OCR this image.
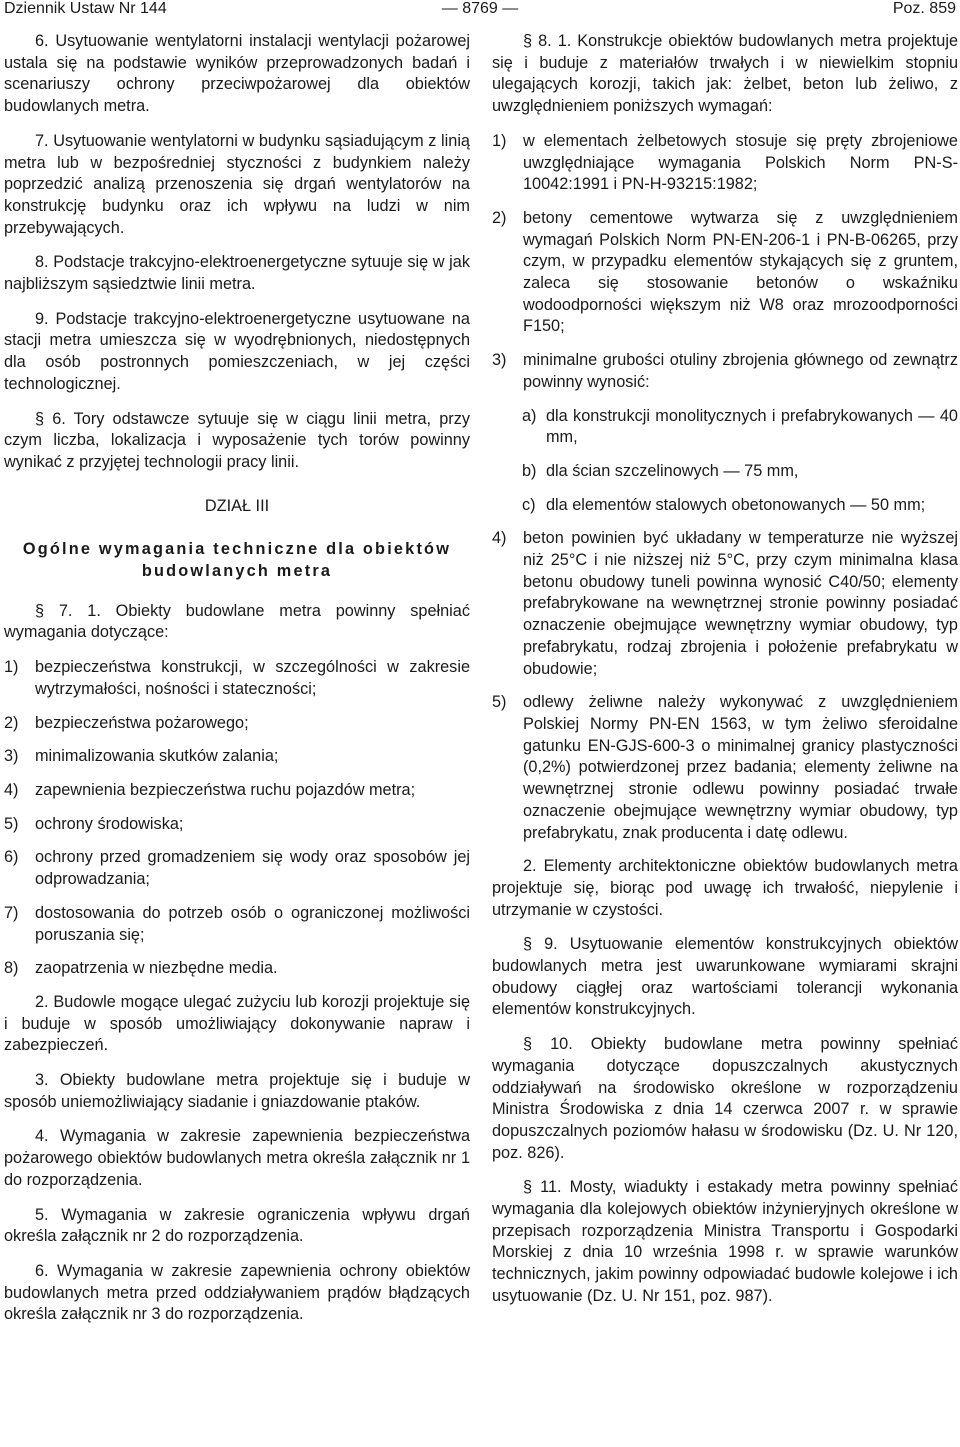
Dziennik Ustaw Nr 144	— 8769 —	Poz. 859

6. Usytuowanie wentylatorni instalacji wentylacji pożarowej ustala się na podstawie wyników przeprowadzonych badań i scenariuszy ochrony przeciwpożarowej dla obiektów budowlanych metra.

7. Usytuowanie wentylatorni w budynku sąsiadującym z linią metra lub w bezpośredniej styczności z budynkiem należy poprzedzić analizą przenoszenia się drgań wentylatorów na konstrukcję budynku oraz ich wpływu na ludzi w nim przebywających.

8. Podstacje trakcyjno-elektroenergetyczne sytuuje się w jak najbliższym sąsiedztwie linii metra.

9. Podstacje trakcyjno-elektroenergetyczne usytuowane na stacji metra umieszcza się w wyodrębnionych, niedostępnych dla osób postronnych pomieszczeniach, w jej części technologicznej.

§ 6. Tory odstawcze sytuuje się w ciągu linii metra, przy czym liczba, lokalizacja i wyposażenie tych torów powinny wynikać z przyjętej technologii pracy linii.

DZIAŁ III
Ogólne wymagania techniczne dla obiektów budowlanych metra

§ 7. 1. Obiekty budowlane metra powinny spełniać wymagania dotyczące:

1) bezpieczeństwa konstrukcji, w szczególności w zakresie wytrzymałości, nośności i stateczności;
2) bezpieczeństwa pożarowego;
3) minimalizowania skutków zalania;
4) zapewnienia bezpieczeństwa ruchu pojazdów metra;
5) ochrony środowiska;
6) ochrony przed gromadzeniem się wody oraz sposobów jej odprowadzania;
7) dostosowania do potrzeb osób o ograniczonej możliwości poruszania się;
8) zaopatrzenia w niezbędne media.

2. Budowle mogące ulegać zużyciu lub korozji projektuje się i buduje w sposób umożliwiający dokonywanie napraw i zabezpieczeń.

3. Obiekty budowlane metra projektuje się i buduje w sposób uniemożliwiający siadanie i gniazdowanie ptaków.

4. Wymagania w zakresie zapewnienia bezpieczeństwa pożarowego obiektów budowlanych metra określa załącznik nr 1 do rozporządzenia.

5. Wymagania w zakresie ograniczenia wpływu drgań określa załącznik nr 2 do rozporządzenia.

6. Wymagania w zakresie zapewnienia ochrony obiektów budowlanych metra przed oddziaływaniem prądów błądzących określa załącznik nr 3 do rozporządzenia.

§ 8. 1. Konstrukcje obiektów budowlanych metra projektuje się i buduje z materiałów trwałych i w niewielkim stopniu ulegających korozji, takich jak: żelbet, beton lub żeliwo, z uwzględnieniem poniższych wymagań:

1) w elementach żelbetowych stosuje się pręty zbrojeniowe uwzględniające wymagania Polskich Norm PN-S-10042:1991 i PN-H-93215:1982;
2) betony cementowe wytwarza się z uwzględnieniem wymagań Polskich Norm PN-EN-206-1 i PN-B-06265, przy czym, w przypadku elementów stykających się z gruntem, zaleca się stosowanie betonów o wskaźniku wodoodporności większym niż W8 oraz mrozoodporności F150;
3) minimalne grubości otuliny zbrojenia głównego od zewnątrz powinny wynosić:
a) dla konstrukcji monolitycznych i prefabrykowanych — 40 mm,
b) dla ścian szczelinowych — 75 mm,
c) dla elementów stalowych obetonowanych — 50 mm;
4) beton powinien być układany w temperaturze nie wyższej niż 25°C i nie niższej niż 5°C, przy czym minimalna klasa betonu obudowy tuneli powinna wynosić C40/50; elementy prefabrykowane na wewnętrznej stronie powinny posiadać oznaczenie obejmujące wewnętrzny wymiar obudowy, typ prefabrykatu, rodzaj zbrojenia i położenie prefabrykatu w obudowie;
5) odlewy żeliwne należy wykonywać z uwzględnieniem Polskiej Normy PN-EN 1563, w tym żeliwo sferoidalne gatunku EN-GJS-600-3 o minimalnej granicy plastyczności (0,2%) potwierdzonej przez badania; elementy żeliwne na wewnętrznej stronie odlewu powinny posiadać trwałe oznaczenie obejmujące wewnętrzny wymiar obudowy, typ prefabrykatu, znak producenta i datę odlewu.

2. Elementy architektoniczne obiektów budowlanych metra projektuje się, biorąc pod uwagę ich trwałość, niepylenie i utrzymanie w czystości.

§ 9. Usytuowanie elementów konstrukcyjnych obiektów budowlanych metra jest uwarunkowane wymiarami skrajni obudowy ciągłej oraz wartościami tolerancji wykonania elementów konstrukcyjnych.

§ 10. Obiekty budowlane metra powinny spełniać wymagania dotyczące dopuszczalnych akustycznych oddziaływań na środowisko określone w rozporządzeniu Ministra Środowiska z dnia 14 czerwca 2007 r. w sprawie dopuszczalnych poziomów hałasu w środowisku (Dz. U. Nr 120, poz. 826).

§ 11. Mosty, wiadukty i estakady metra powinny spełniać wymagania dla kolejowych obiektów inżynieryjnych określone w przepisach rozporządzenia Ministra Transportu i Gospodarki Morskiej z dnia 10 września 1998 r. w sprawie warunków technicznych, jakim powinny odpowiadać budowle kolejowe i ich usytuowanie (Dz. U. Nr 151, poz. 987).
